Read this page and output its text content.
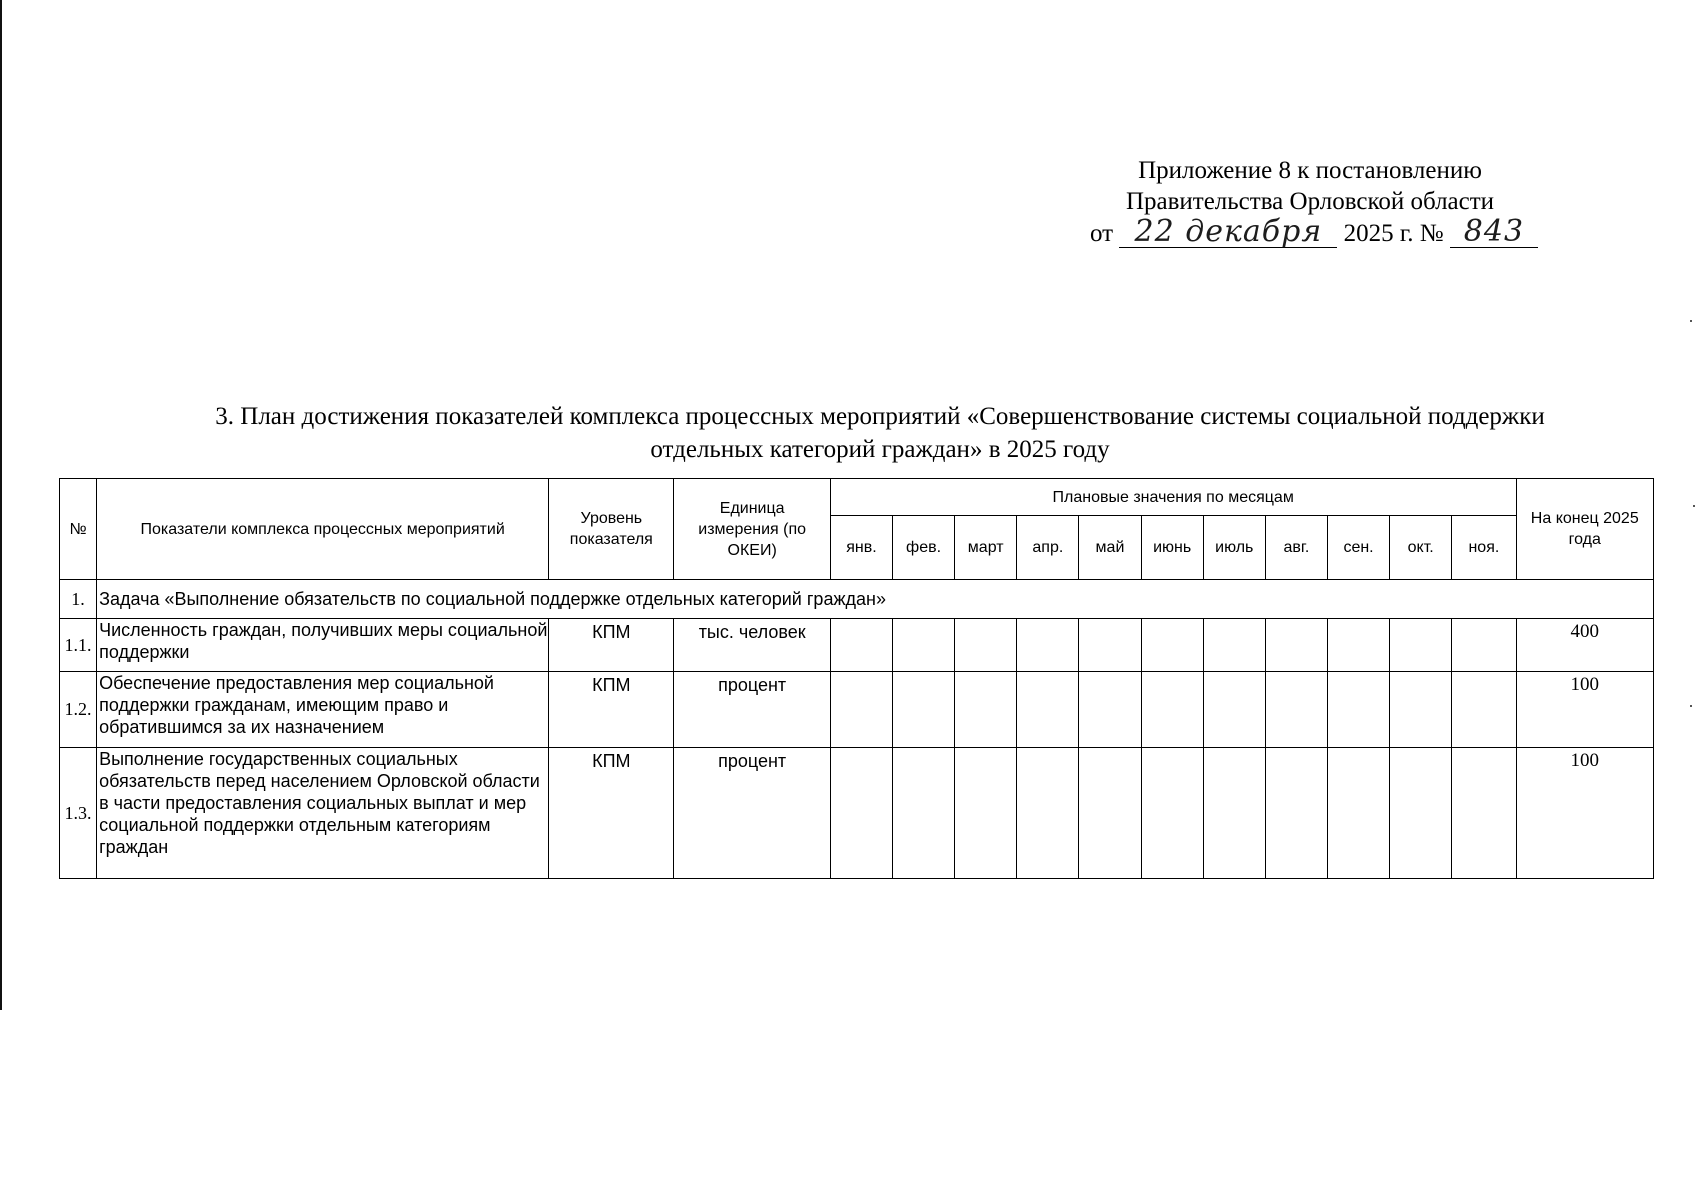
Приложение 8 к постановлению
Правительства Орловской области
от 22 декабря 2025 г. № 843
3. План достижения показателей комплекса процессных мероприятий «Совершенствование системы социальной поддержки
отдельных категорий граждан» в 2025 году
№	Показатели комплекса процессных мероприятий	Уровень показателя	Единица измерения (по ОКЕИ)	Плановые значения по месяцам											На конец 2025 года
				янв.	фев.	март	апр.	май	июнь	июль	авг.	сен.	окт.	ноя.	
1.	Задача «Выполнение обязательств по социальной поддержке отдельных категорий граждан»														
1.1.	Численность граждан, получивших меры социальной поддержки	КПМ	тыс. человек												400
1.2.	Обеспечение предоставления мер социальной поддержки гражданам, имеющим право и обратившимся за их назначением	КПМ	процент												100
1.3.	Выполнение государственных социальных обязательств перед населением Орловской области в части предоставления социальных выплат и мер социальной поддержки отдельным категориям граждан	КПМ	процент												100
